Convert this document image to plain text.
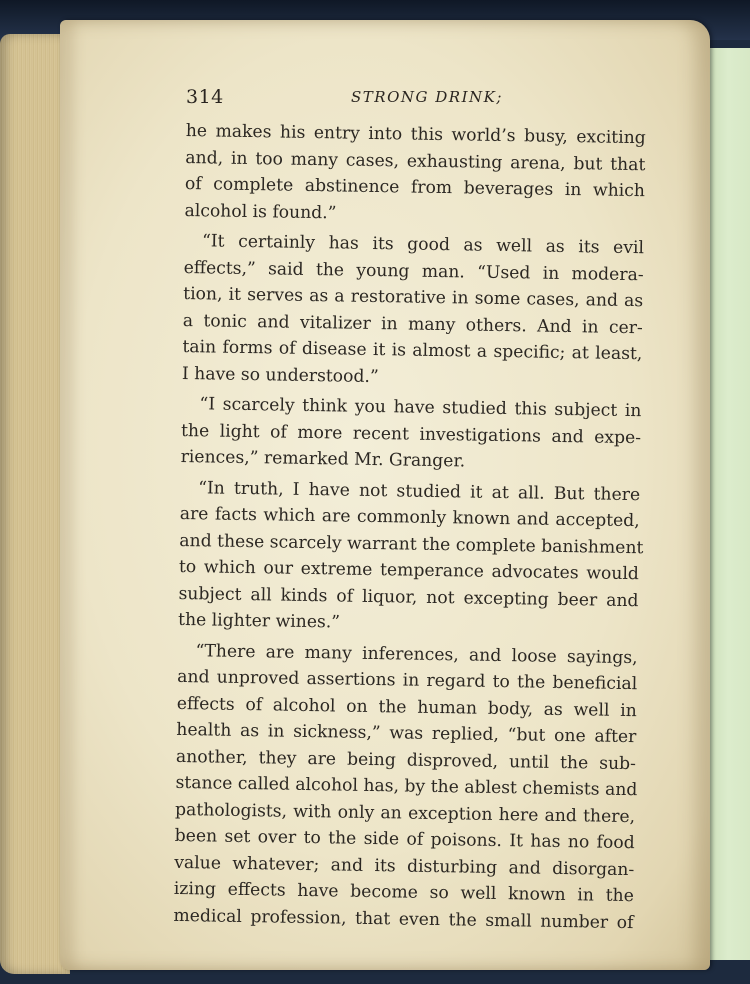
314	STRONG DRINK;
he makes his entry into this world’s busy, exciting
and, in too many cases, exhausting arena, but that
of complete abstinence from beverages in which
alcohol is found.”
“It certainly has its good as well as its evil
effects,” said the young man. “Used in modera-
tion, it serves as a restorative in some cases, and as
a tonic and vitalizer in many others. And in cer-
tain forms of disease it is almost a specific; at least,
I have so understood.”
“I scarcely think you have studied this subject in
the light of more recent investigations and expe-
riences,” remarked Mr. Granger.
“In truth, I have not studied it at all. But there
are facts which are commonly known and accepted,
and these scarcely warrant the complete banishment
to which our extreme temperance advocates would
subject all kinds of liquor, not excepting beer and
the lighter wines.”
“There are many inferences, and loose sayings,
and unproved assertions in regard to the beneficial
effects of alcohol on the human body, as well in
health as in sickness,” was replied, “but one after
another, they are being disproved, until the sub-
stance called alcohol has, by the ablest chemists and
pathologists, with only an exception here and there,
been set over to the side of poisons. It has no food
value whatever; and its disturbing and disorgan-
izing effects have become so well known in the
medical profession, that even the small number of
